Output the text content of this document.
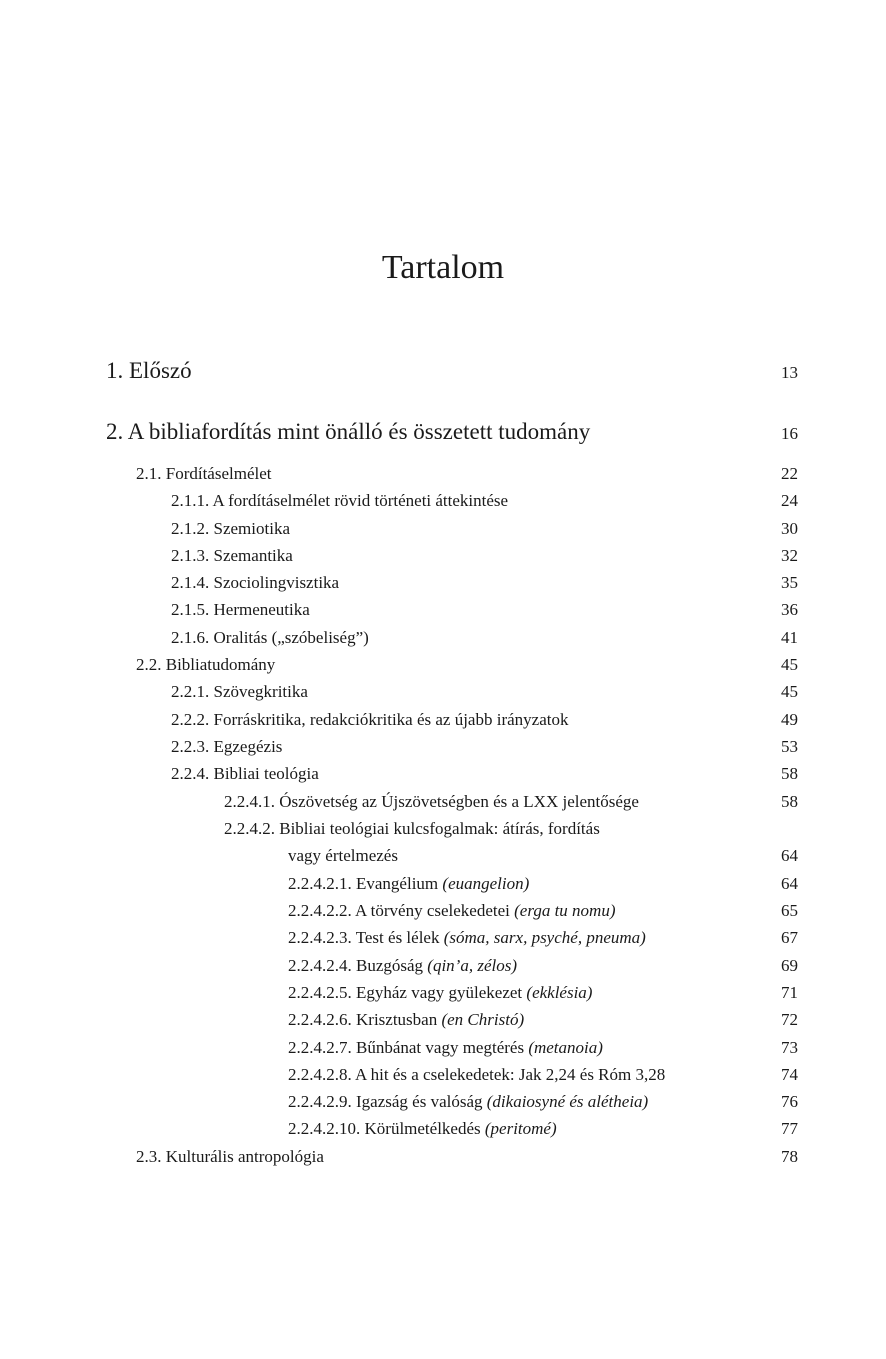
Tartalom
1. Előszó	13
2. A bibliafordítás mint önálló és összetett tudomány	16
2.1. Fordításelmélet	22
2.1.1. A fordításelmélet rövid történeti áttekintése	24
2.1.2. Szemiotika	30
2.1.3. Szemantika	32
2.1.4. Szociolingvisztika	35
2.1.5. Hermeneutika	36
2.1.6. Oralitás („szóbeliség”)	41
2.2. Bibliatudomány	45
2.2.1. Szövegkritika	45
2.2.2. Forráskritika, redakciókritika és az újabb irányzatok	49
2.2.3. Egzegézis	53
2.2.4. Bibliai teológia	58
2.2.4.1. Ószövetség az Újszövetségben és a LXX jelentősége	58
2.2.4.2. Bibliai teológiai kulcsfogalmak: átírás, fordítás
vagy értelmezés	64
2.2.4.2.1. Evangélium (euangelion)	64
2.2.4.2.2. A törvény cselekedetei (erga tu nomu)	65
2.2.4.2.3. Test és lélek (sóma, sarx, psyché, pneuma)	67
2.2.4.2.4. Buzgóság (qin’a, zélos)	69
2.2.4.2.5. Egyház vagy gyülekezet (ekklésia)	71
2.2.4.2.6. Krisztusban (en Christó)	72
2.2.4.2.7. Bűnbánat vagy megtérés (metanoia)	73
2.2.4.2.8. A hit és a cselekedetek: Jak 2,24 és Róm 3,28	74
2.2.4.2.9. Igazság és valóság (dikaiosyné és alétheia)	76
2.2.4.2.10. Körülmetélkedés (peritomé)	77
2.3. Kulturális antropológia	78
